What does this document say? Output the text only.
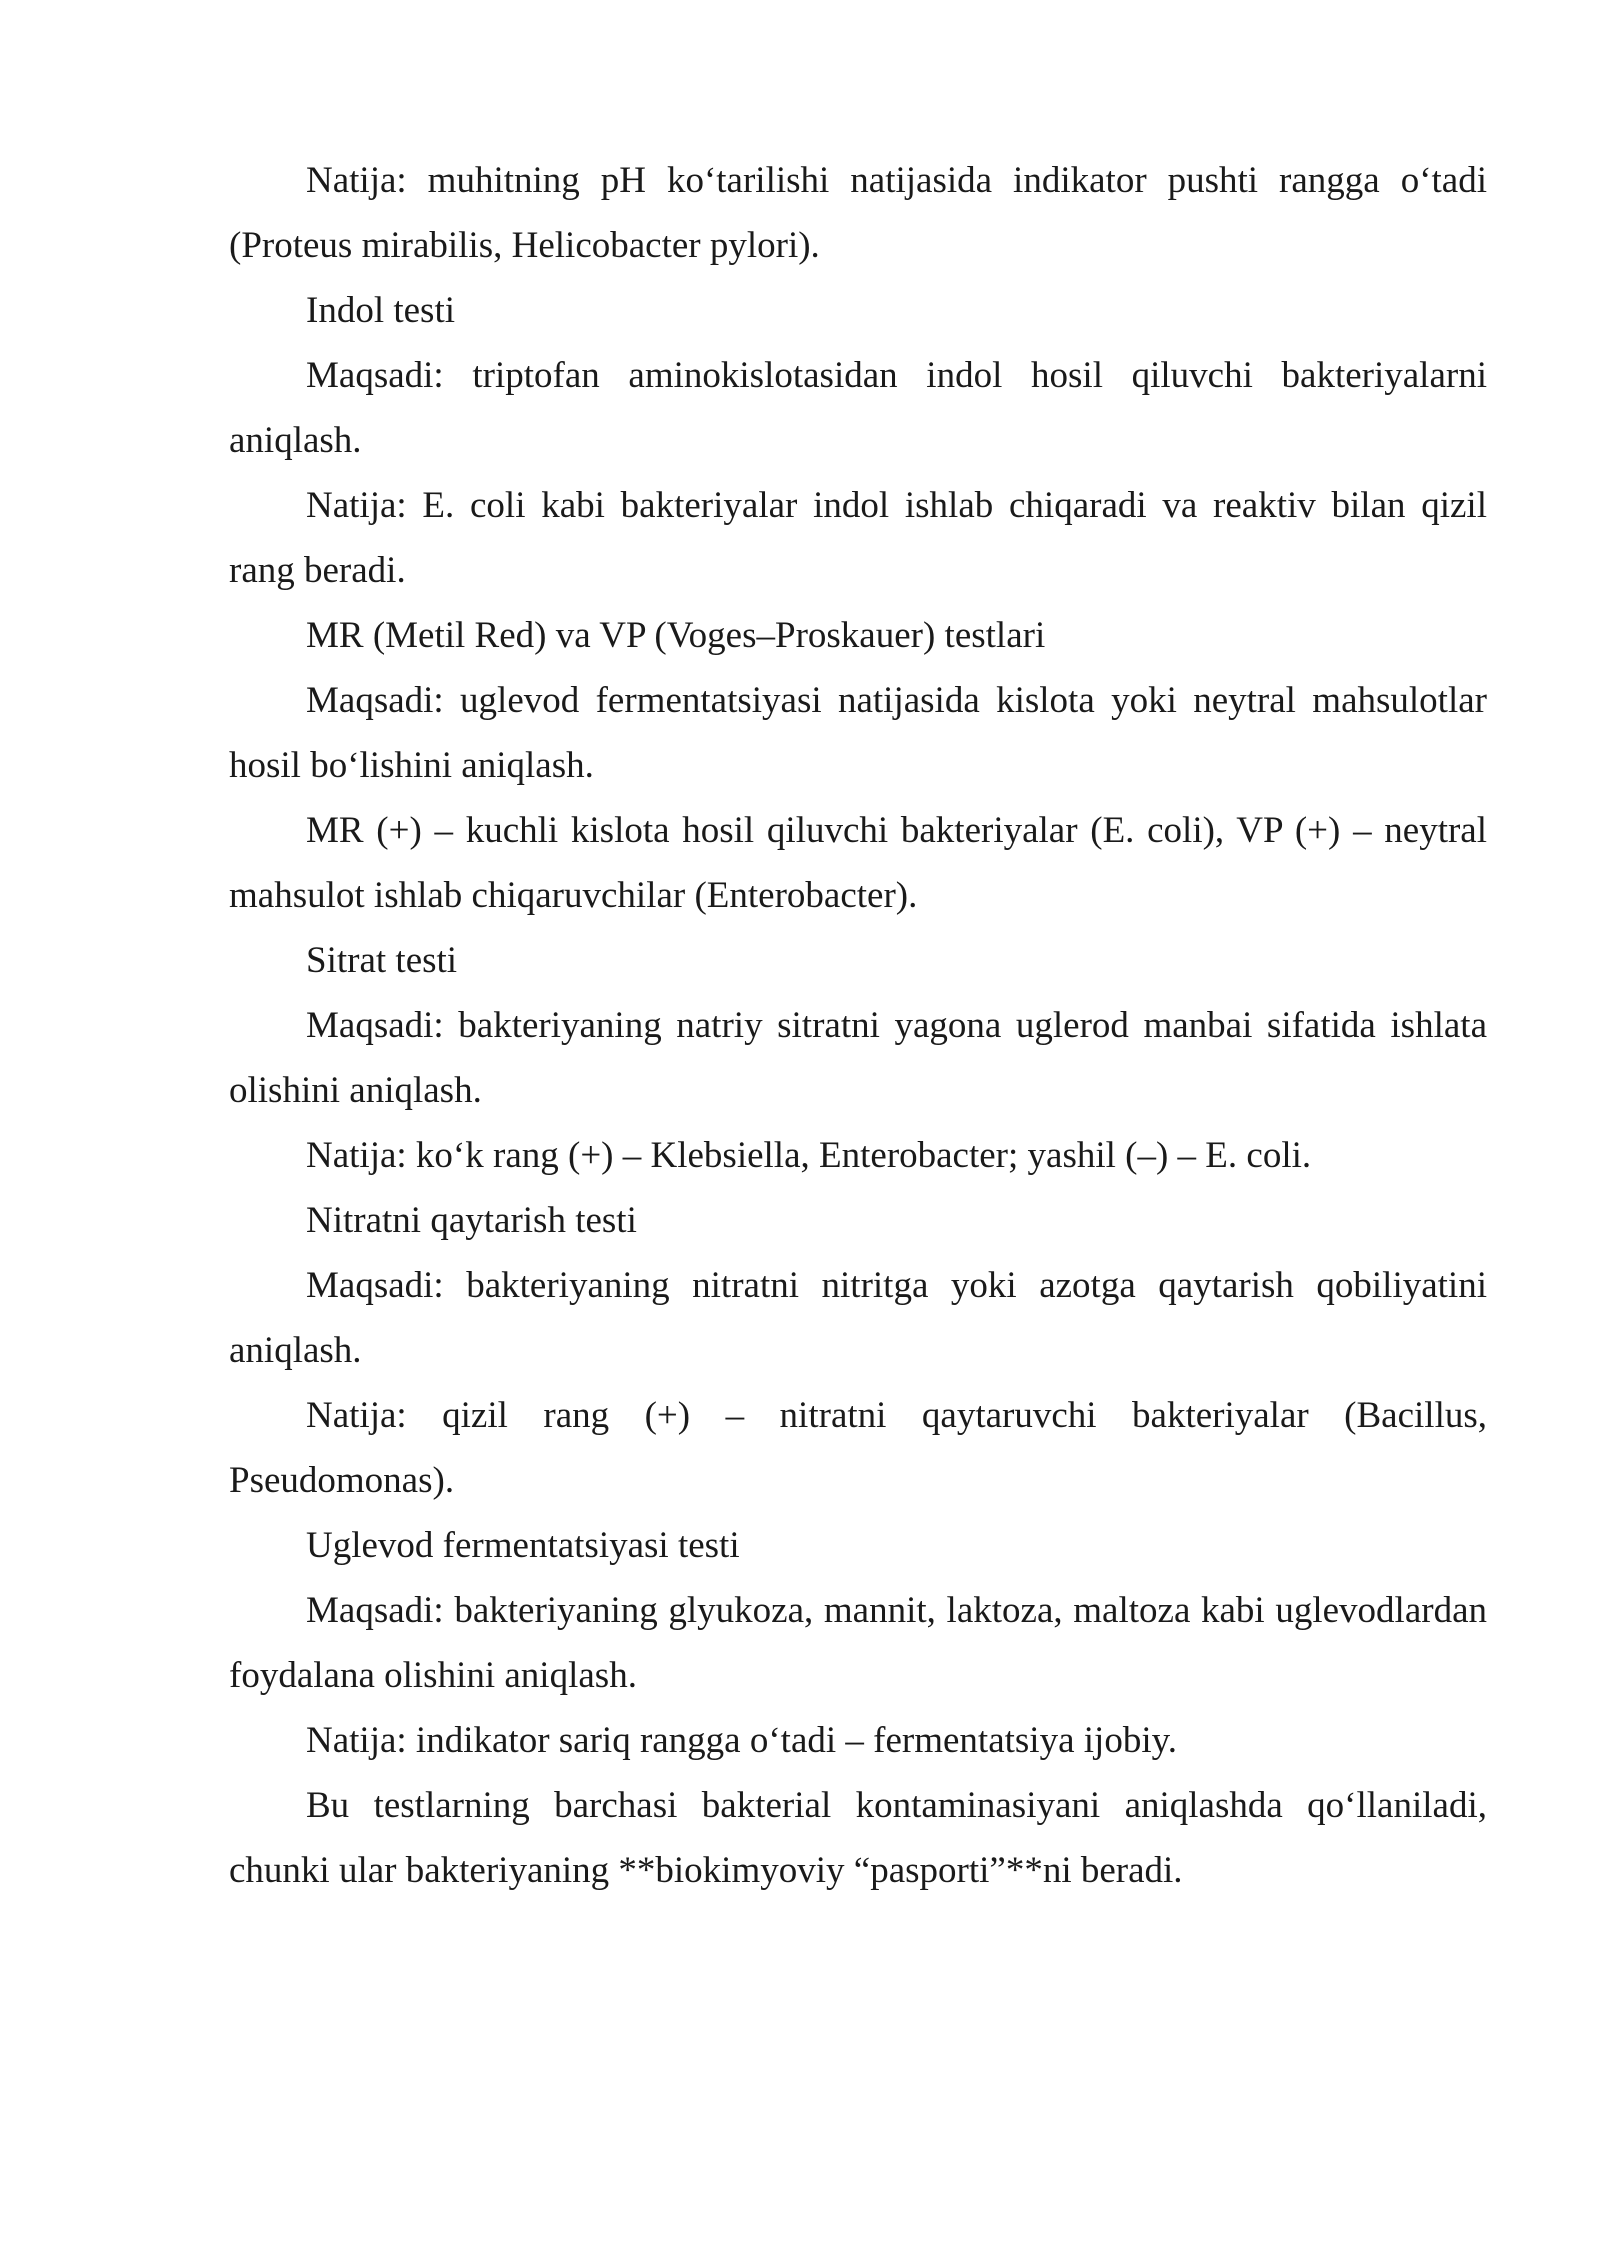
Natija: muhitning pH ko‘tarilishi natijasida indikator pushti rangga o‘tadi (Proteus mirabilis, Helicobacter pylori).

Indol testi

Maqsadi: triptofan aminokislotasidan indol hosil qiluvchi bakteriyalarni aniqlash.

Natija: E. coli kabi bakteriyalar indol ishlab chiqaradi va reaktiv bilan qizil rang beradi.

MR (Metil Red) va VP (Voges–Proskauer) testlari

Maqsadi: uglevod fermentatsiyasi natijasida kislota yoki neytral mahsulotlar hosil bo‘lishini aniqlash.

MR (+) – kuchli kislota hosil qiluvchi bakteriyalar (E. coli), VP (+) – neytral mahsulot ishlab chiqaruvchilar (Enterobacter).

Sitrat testi

Maqsadi: bakteriyaning natriy sitratni yagona uglerod manbai sifatida ishlata olishini aniqlash.

Natija: ko‘k rang (+) – Klebsiella, Enterobacter; yashil (–) – E. coli.

Nitratni qaytarish testi

Maqsadi: bakteriyaning nitratni nitritga yoki azotga qaytarish qobiliyatini aniqlash.

Natija: qizil rang (+) – nitratni qaytaruvchi bakteriyalar (Bacillus, Pseudomonas).

Uglevod fermentatsiyasi testi

Maqsadi: bakteriyaning glyukoza, mannit, laktoza, maltoza kabi uglevodlardan foydalana olishini aniqlash.

Natija: indikator sariq rangga o‘tadi – fermentatsiya ijobiy.

Bu testlarning barchasi bakterial kontaminasiyani aniqlashda qo‘llaniladi, chunki ular bakteriyaning **biokimyoviy “pasporti”**ni beradi.
